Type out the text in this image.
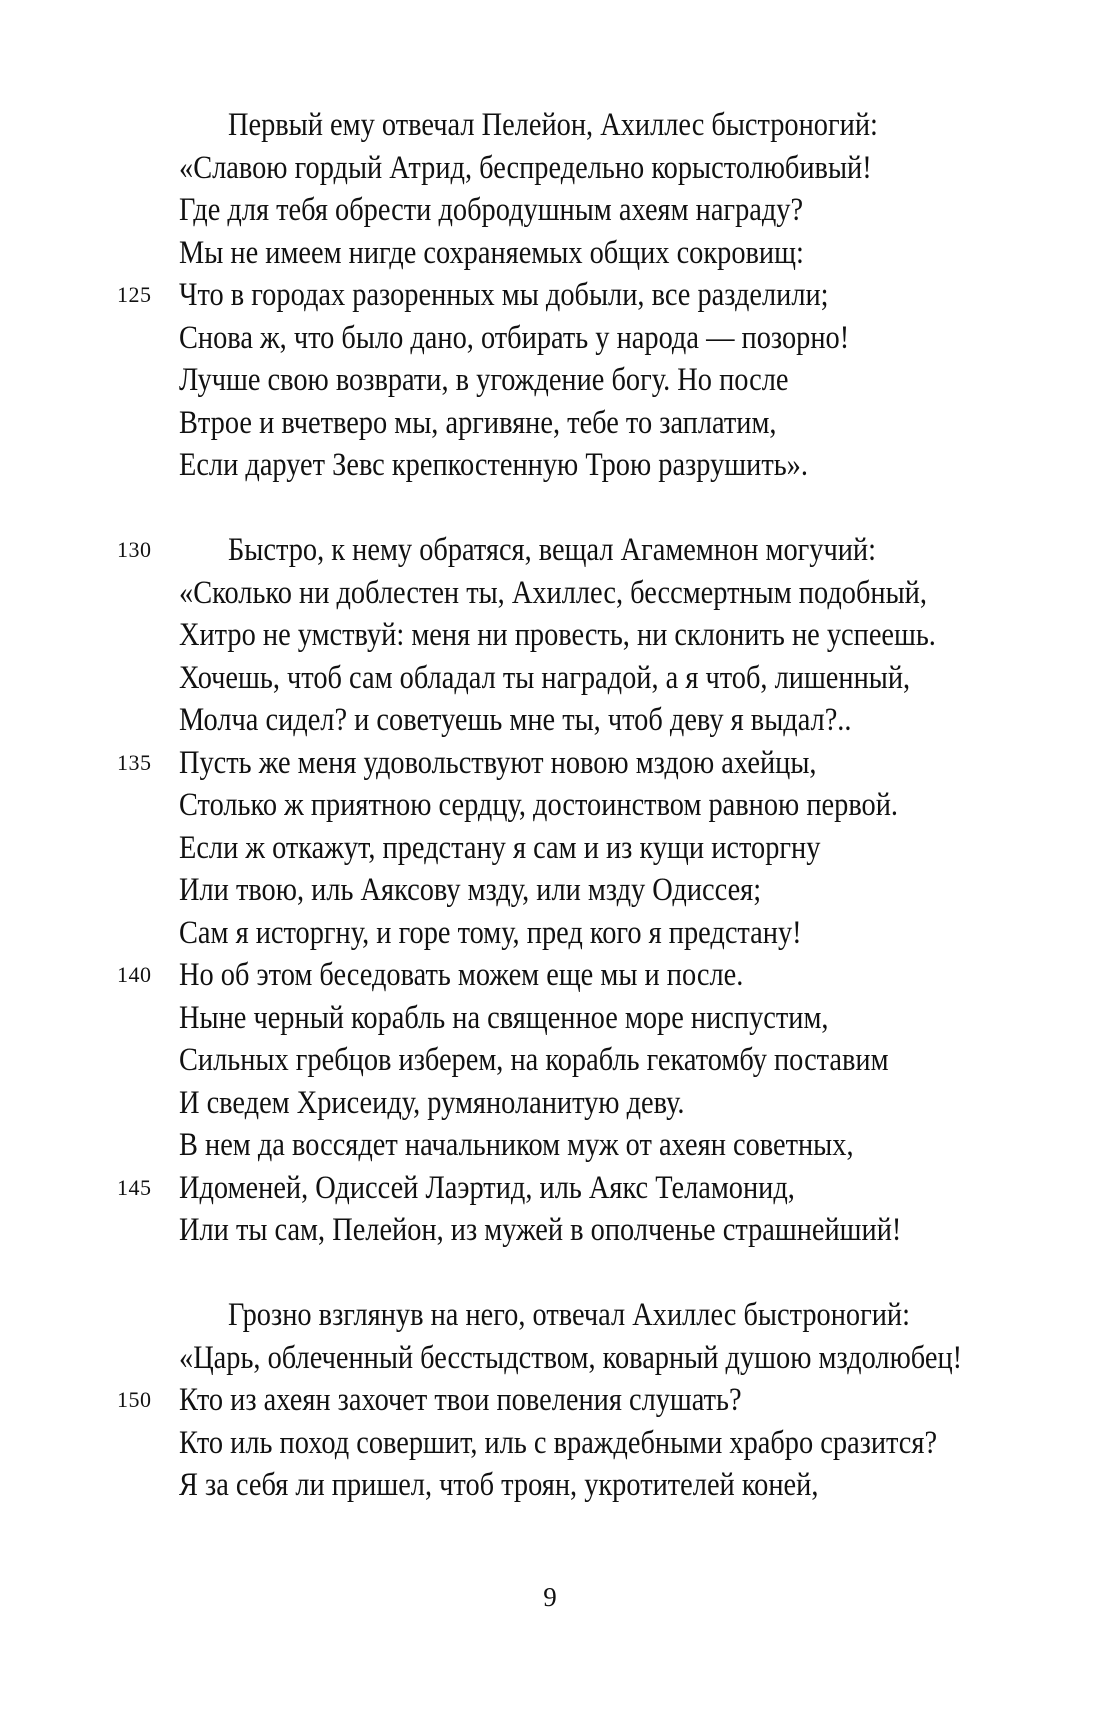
Первый ему отвечал Пелейон, Ахиллес быстроногий:
«Славою гордый Атрид, беспредельно корыстолюбивый!
Где для тебя обрести добродушным ахеям награду?
Мы не имеем нигде сохраняемых общих сокровищ:
125 Что в городах разоренных мы добыли, все разделили;
Снова ж, что было дано, отбирать у народа — позорно!
Лучше свою возврати, в угождение богу. Но после
Втрое и вчетверо мы, аргивяне, тебе то заплатим,
Если дарует Зевс крепкостенную Трою разрушить».
130 Быстро, к нему обратяся, вещал Агамемнон могучий:
«Сколько ни доблестен ты, Ахиллес, бессмертным подобный,
Хитро не умствуй: меня ни провесть, ни склонить не успеешь.
Хочешь, чтоб сам обладал ты наградой, а я чтоб, лишенный,
Молча сидел? и советуешь мне ты, чтоб деву я выдал?..
135 Пусть же меня удовольствуют новою мздою ахейцы,
Столько ж приятною сердцу, достоинством равною первой.
Если ж откажут, предстану я сам и из кущи исторгну
Или твою, иль Аяксову мзду, или мзду Одиссея;
Сам я исторгну, и горе тому, пред кого я предстану!
140 Но об этом беседовать можем еще мы и после.
Ныне черный корабль на священное море ниспустим,
Сильных гребцов изберем, на корабль гекатомбу поставим
И сведем Хрисеиду, румяноланитую деву.
В нем да воссядет начальником муж от ахеян советных,
145 Идоменей, Одиссей Лаэртид, иль Аякс Теламонид,
Или ты сам, Пелейон, из мужей в ополченье страшнейший!
Грозно взглянув на него, отвечал Ахиллес быстроногий:
«Царь, облеченный бесстыдством, коварный душою мздолюбец!
150 Кто из ахеян захочет твои повеления слушать?
Кто иль поход совершит, иль с враждебными храбро сразится?
Я за себя ли пришел, чтоб троян, укротителей коней,
9
